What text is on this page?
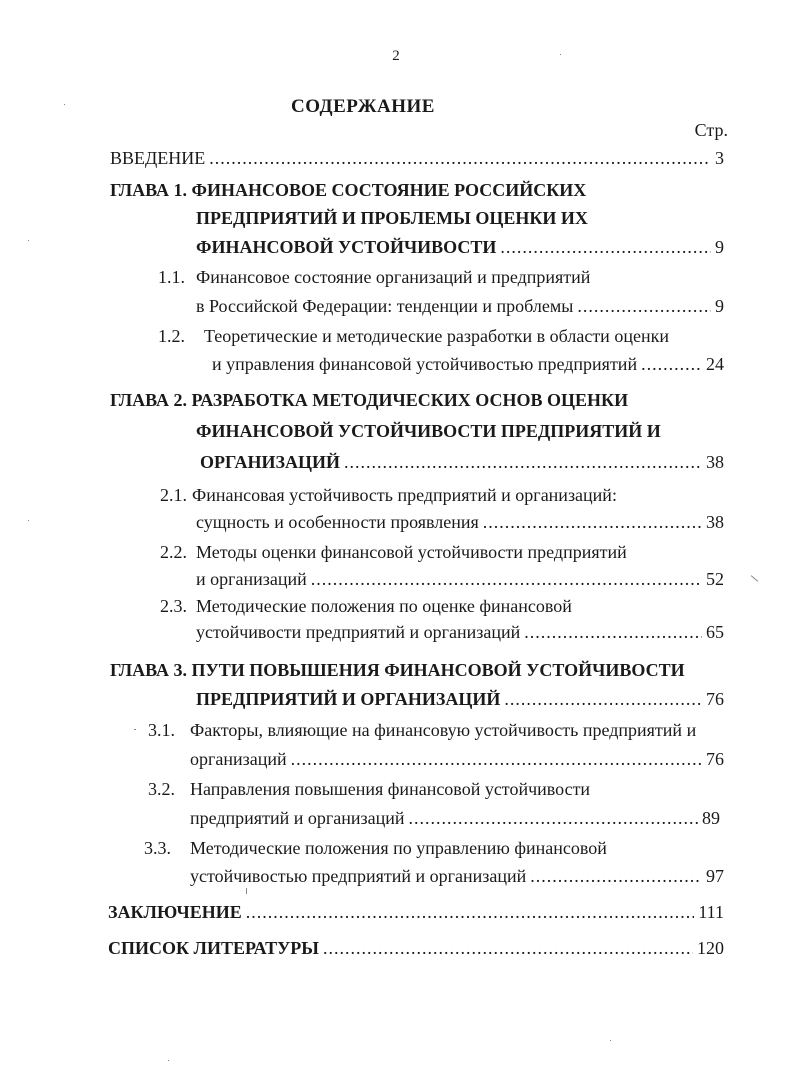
2
СОДЕРЖАНИЕ
Стр.
ВВЕДЕНИЕ .....	3
ГЛАВА 1. ФИНАНСОВОЕ СОСТОЯНИЕ РОССИЙСКИХ
ПРЕДПРИЯТИЙ И ПРОБЛЕМЫ ОЦЕНКИ ИХ
ФИНАНСОВОЙ УСТОЙЧИВОСТИ .....	9
1.1. Финансовое состояние организаций и предприятий
в Российской Федерации: тенденции и проблемы .....	9
1.2. Теоретические и методические разработки в области оценки
и управления финансовой устойчивостью предприятий .....	24
ГЛАВА 2. РАЗРАБОТКА МЕТОДИЧЕСКИХ ОСНОВ ОЦЕНКИ
ФИНАНСОВОЙ УСТОЙЧИВОСТИ ПРЕДПРИЯТИЙ И
ОРГАНИЗАЦИЙ .....	38
2.1. Финансовая устойчивость предприятий и организаций:
сущность и особенности проявления .....	38
2.2. Методы оценки финансовой устойчивости предприятий
и организаций .....	52
2.3. Методические положения по оценке финансовой
устойчивости предприятий и организаций .....	65
ГЛАВА 3. ПУТИ ПОВЫШЕНИЯ ФИНАНСОВОЙ УСТОЙЧИВОСТИ
ПРЕДПРИЯТИЙ И ОРГАНИЗАЦИЙ .....	76
3.1. Факторы, влияющие на финансовую устойчивость предприятий и
организаций .....	76
3.2. Направления повышения финансовой устойчивости
предприятий и организаций .....	89
3.3. Методические положения по управлению финансовой
устойчивостью предприятий и организаций .....	97
ЗАКЛЮЧЕНИЕ .....	111
СПИСОК ЛИТЕРАТУРЫ .....	120
